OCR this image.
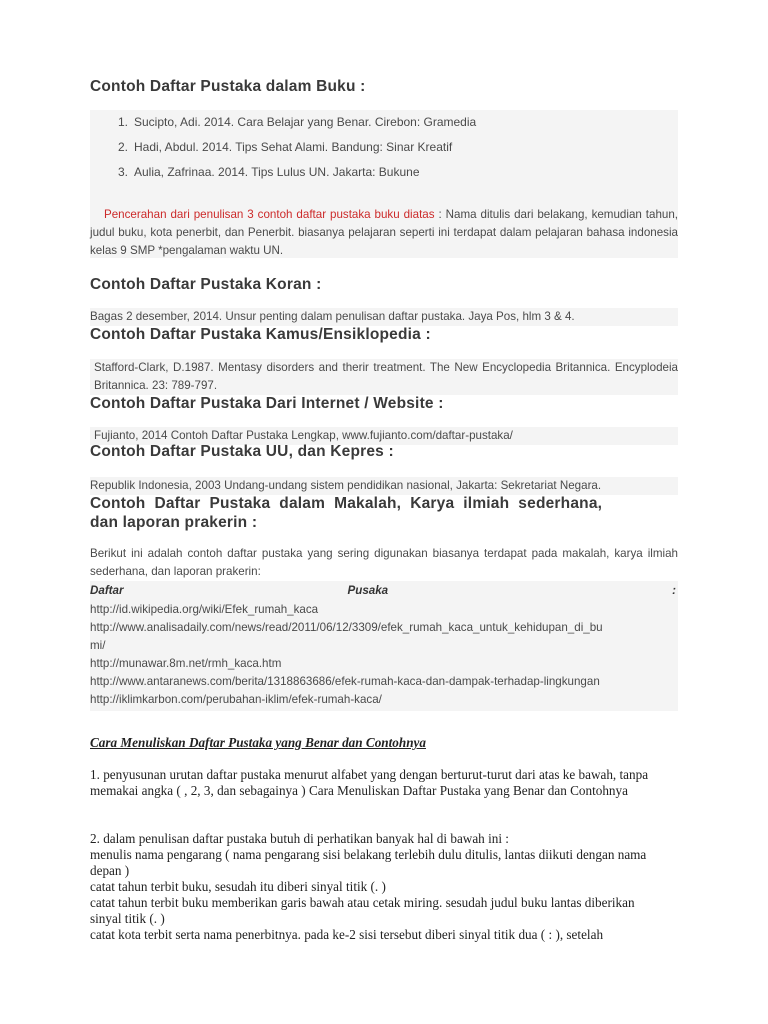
Contoh Daftar Pustaka dalam Buku :
1. Sucipto, Adi. 2014. Cara Belajar yang Benar. Cirebon: Gramedia
2. Hadi, Abdul. 2014. Tips Sehat Alami. Bandung: Sinar Kreatif
3. Aulia, Zafrinaa. 2014. Tips Lulus UN. Jakarta: Bukune
Pencerahan dari penulisan 3 contoh daftar pustaka buku diatas : Nama ditulis dari belakang, kemudian tahun, judul buku, kota penerbit, dan Penerbit. biasanya pelajaran seperti ini terdapat dalam pelajaran bahasa indonesia kelas 9 SMP *pengalaman waktu UN.
Contoh Daftar Pustaka Koran :
Bagas 2 desember, 2014. Unsur penting dalam penulisan daftar pustaka. Jaya Pos, hlm 3 & 4.
Contoh Daftar Pustaka Kamus/Ensiklopedia :
Stafford-Clark, D.1987. Mentasy disorders and therir treatment. The New Encyclopedia Britannica. Encyplodeia Britannica. 23: 789-797.
Contoh Daftar Pustaka Dari Internet / Website :
Fujianto, 2014 Contoh Daftar Pustaka Lengkap, www.fujianto.com/daftar-pustaka/
Contoh Daftar Pustaka UU, dan Kepres :
Republik Indonesia, 2003 Undang-undang sistem pendidikan nasional, Jakarta: Sekretariat Negara.
Contoh  Daftar  Pustaka  dalam  Makalah,  Karya  ilmiah  sederhana,
dan laporan prakerin :
Berikut ini adalah contoh daftar pustaka yang sering digunakan biasanya terdapat pada makalah, karya ilmiah sederhana, dan laporan prakerin:
Daftar	Pusaka	:
http://id.wikipedia.org/wiki/Efek_rumah_kaca
http://www.analisadaily.com/news/read/2011/06/12/3309/efek_rumah_kaca_untuk_kehidupan_di_bu
mi/
http://munawar.8m.net/rmh_kaca.htm
http://www.antaranews.com/berita/1318863686/efek-rumah-kaca-dan-dampak-terhadap-lingkungan
http://iklimkarbon.com/perubahan-iklim/efek-rumah-kaca/
Cara Menuliskan Daftar Pustaka yang Benar dan Contohnya
1. penyusunan urutan daftar pustaka menurut alfabet yang dengan berturut-turut dari atas ke bawah, tanpa memakai angka ( , 2, 3, dan sebagainya ) Cara Menuliskan Daftar Pustaka yang Benar dan Contohnya
2. dalam penulisan daftar pustaka butuh di perhatikan banyak hal di bawah ini :
menulis nama pengarang ( nama pengarang sisi belakang terlebih dulu ditulis, lantas diikuti dengan nama depan )
catat tahun terbit buku, sesudah itu diberi sinyal titik (. )
catat tahun terbit buku memberikan garis bawah atau cetak miring. sesudah judul buku lantas diberikan sinyal titik (. )
catat kota terbit serta nama penerbitnya. pada ke-2 sisi tersebut diberi sinyal titik dua ( : ), setelah
